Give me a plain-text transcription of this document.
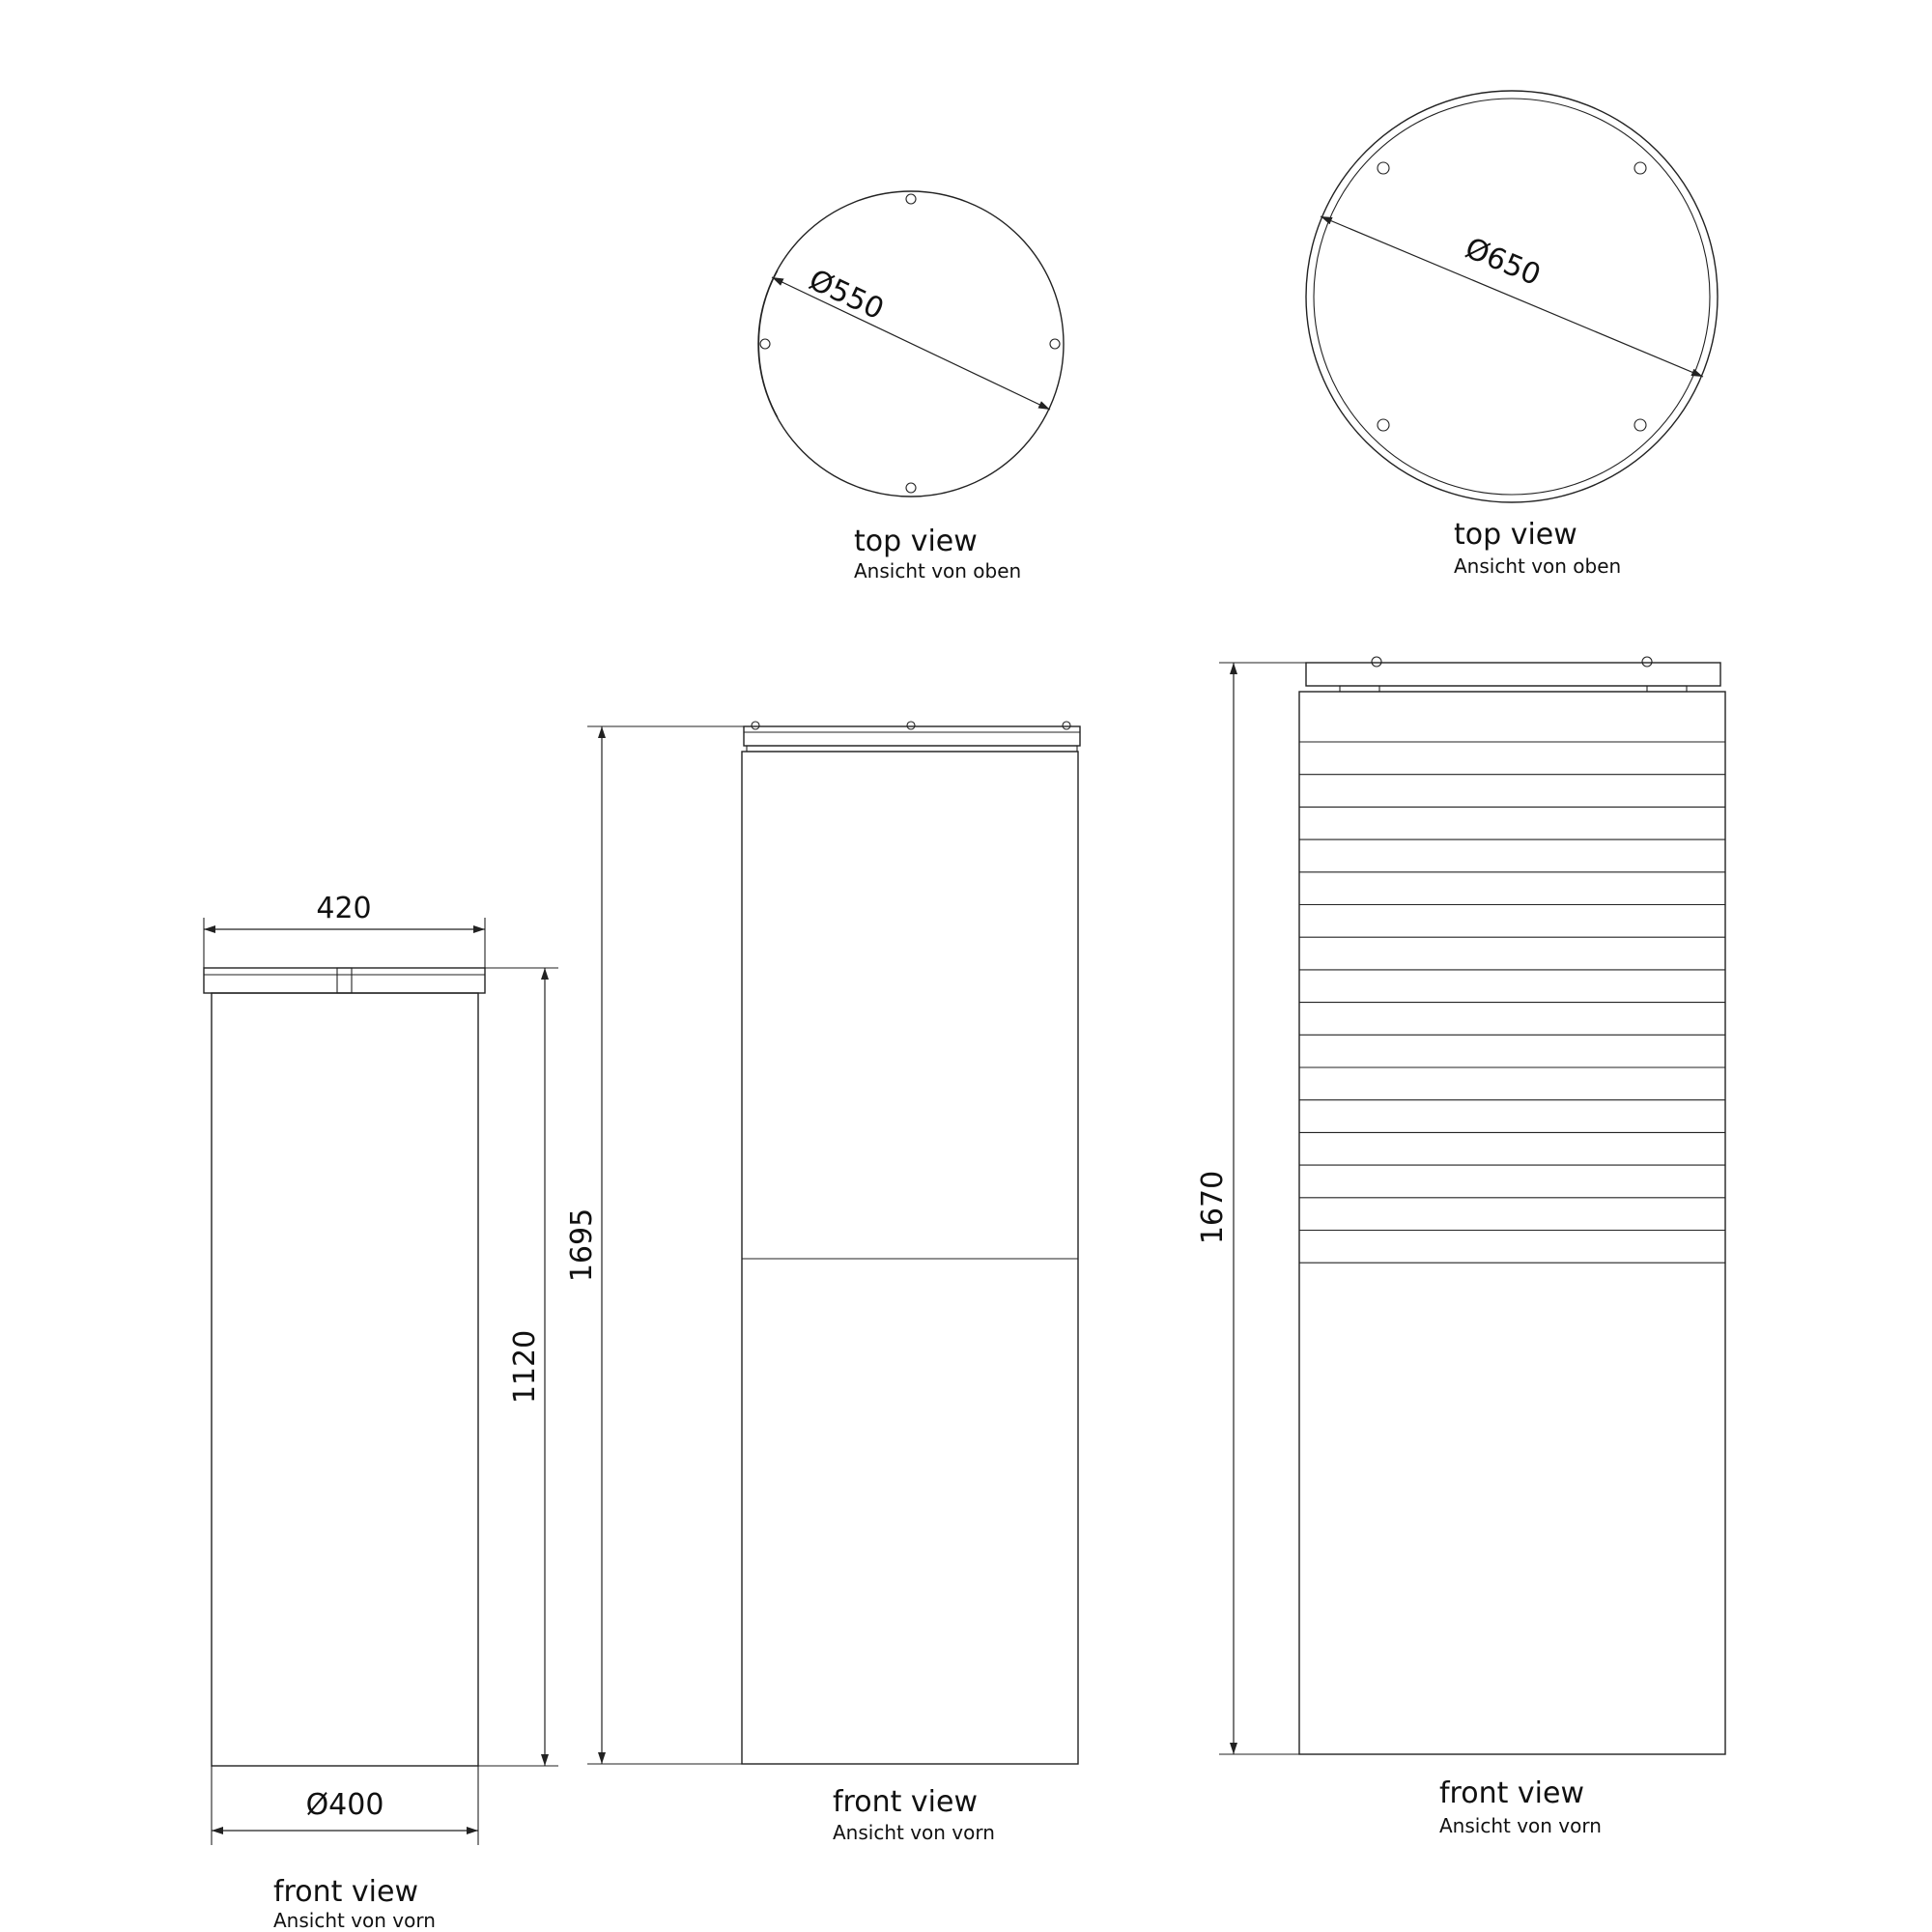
Ø550
top view
Ansicht von oben
Ø650
top view
Ansicht von oben
420
1120
Ø400
front view
Ansicht von vorn
1695
front view
Ansicht von vorn
1670
front view
Ansicht von vorn
